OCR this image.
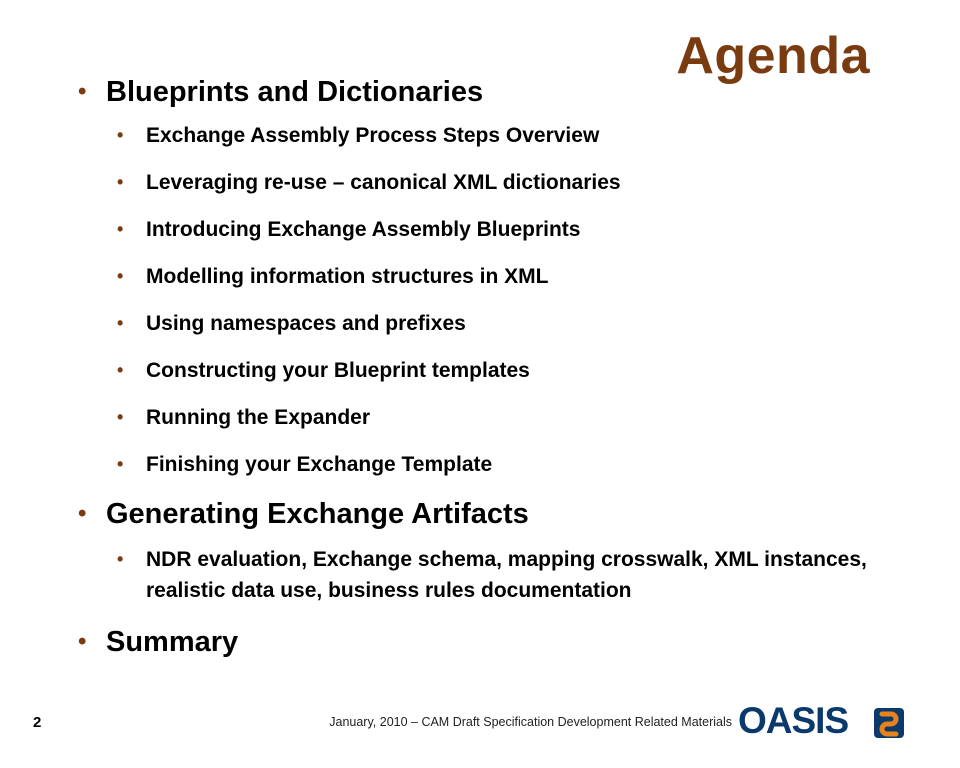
Agenda
• Blueprints and Dictionaries
• Exchange Assembly Process Steps Overview
• Leveraging re-use – canonical XML dictionaries
• Introducing Exchange Assembly Blueprints
• Modelling information structures in XML
• Using namespaces and prefixes
• Constructing your Blueprint templates
• Running the Expander
• Finishing your Exchange Template
• Generating Exchange Artifacts
• NDR evaluation, Exchange schema, mapping crosswalk, XML instances, realistic data use, business rules documentation
• Summary
2	January, 2010 – CAM Draft Specification Development Related Materials OASIS
